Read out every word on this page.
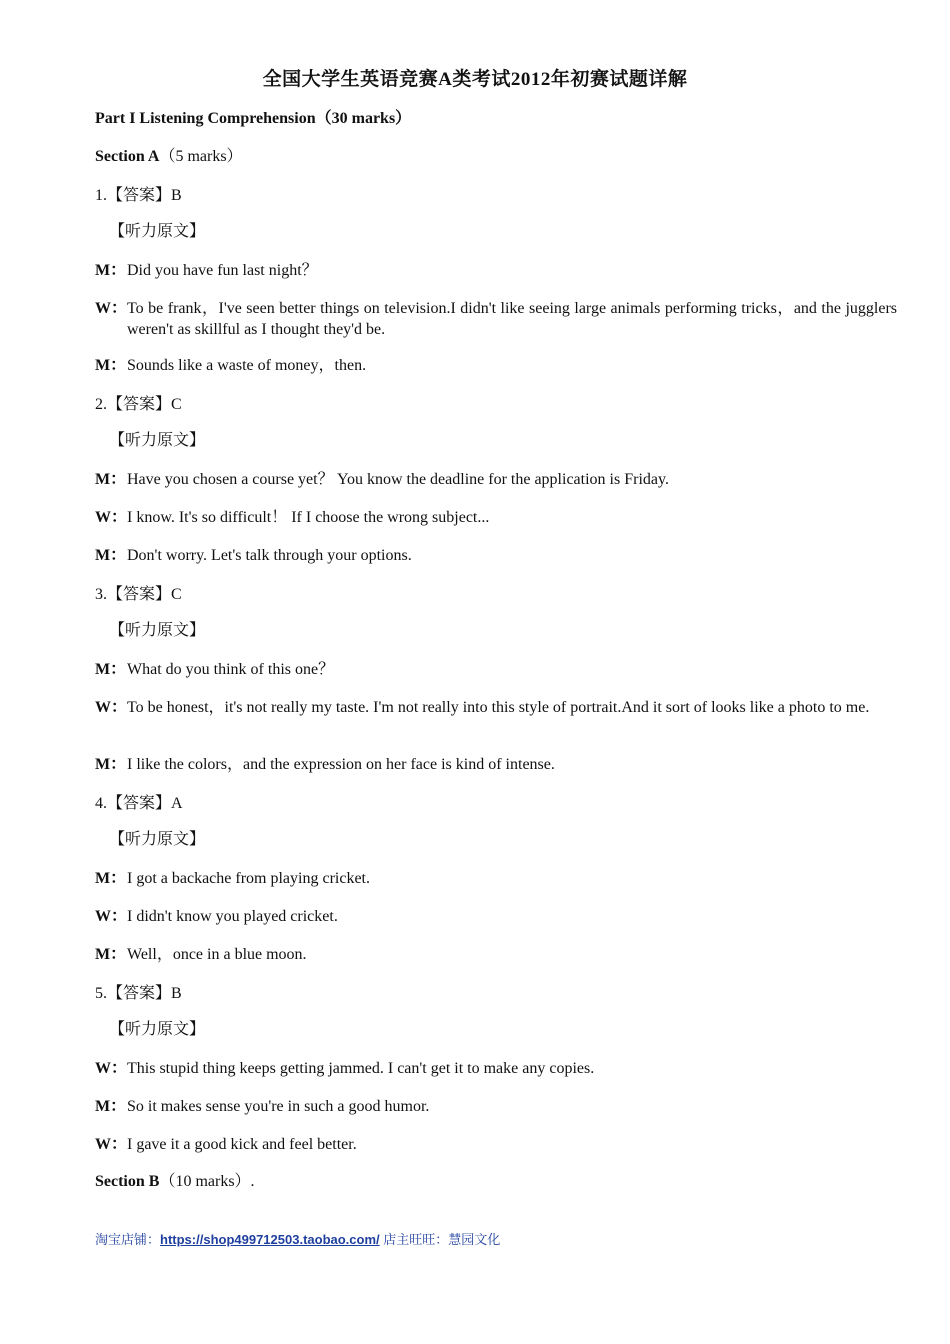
全国大学生英语竞赛A类考试2012年初赛试题详解
Part I Listening Comprehension（30 marks）
Section A（5 marks）
1.【答案】B
【听力原文】
M：Did you have fun last night？
W：To be frank，I've seen better things on television.I didn't like seeing large animals performing tricks，and the jugglers weren't as skillful as I thought they'd be.
M：Sounds like a waste of money，then.
2.【答案】C
【听力原文】
M：Have you chosen a course yet？ You know the deadline for the application is Friday.
W：I know. It's so difficult！ If I choose the wrong subject...
M：Don't worry. Let's talk through your options.
3.【答案】C
【听力原文】
M：What do you think of this one？
W：To be honest，it's not really my taste. I'm not really into this style of portrait.And it sort of looks like a photo to me.
M：I like the colors，and the expression on her face is kind of intense.
4.【答案】A
【听力原文】
M：I got a backache from playing cricket.
W：I didn't know you played cricket.
M：Well，once in a blue moon.
5.【答案】B
【听力原文】
W：This stupid thing keeps getting jammed. I can't get it to make any copies.
M：So it makes sense you're in such a good humor.
W：I gave it a good kick and feel better.
Section B（10 marks）.
淘宝店铺：https://shop499712503.taobao.com/ 店主旺旺：慧园文化
